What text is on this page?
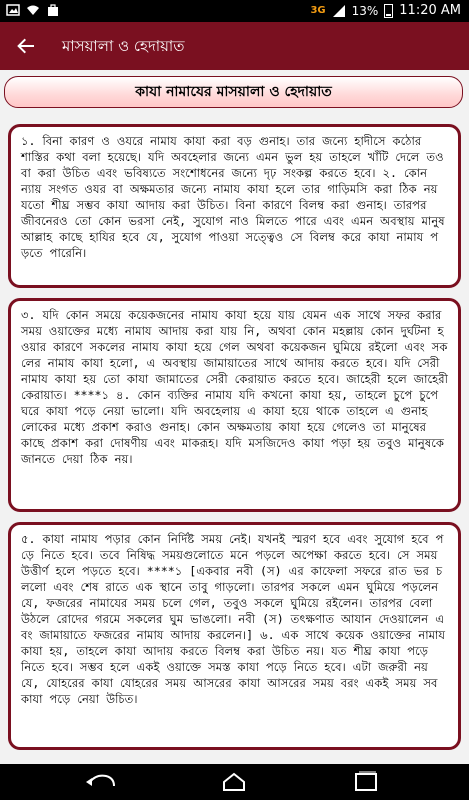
3G 13% 11:20 AM
মাসয়ালা ও হেদায়াত
কাযা নামাযের মাসয়ালা ও হেদায়াত
১. বিনা কারণ ও ওযরে নামায কাযা করা বড় গুনাহ। তার জন্যে হাদীসে কঠোর শাস্তির কথা বলা হয়েছে। যদি অবহেলার জন্যে এমন ভুল হয় তাহলে খাঁটি দেলে তওবা করা উচিত এবং ভবিষ্যতে সংশোধনের জন্যে দৃঢ় সংকল্প করতে হবে। ২. কোন ন্যায় সংগত ওযর বা অক্ষমতার জন্যে নামায কাযা হলে তার গাড়িমসি করা ঠিক নয় যতো শীঘ্র সম্ভব কাযা আদায় করা উচিত। বিনা কারণে বিলম্ব করা গুনাহ। তারপর জীবনেরও তো কোন ভরসা নেই, সুযোগ নাও মিলতে পারে এবং এমন অবস্থায় মানুষ আল্লাহ কাছে হাযির হবে যে, সুযোগ পাওয়া সত্ত্বেও সে বিলম্ব করে কাযা নামায পড়তে পারেনি।
৩. যদি কোন সময়ে কয়েকজনের নামায কাযা হয়ে যায় যেমন এক সাথে সফর করার সময় ওয়াক্তের মধ্যে নামায আদায় করা যায় নি, অথবা কোন মহল্লায় কোন দুর্ঘটনা হওয়ার কারণে সকলের নামায কাযা হয়ে গেল অথবা কয়েকজন ঘুমিয়ে রইলো এবং সকলের নামায কাযা হলো, এ অবস্থায় জামায়াতের সাথে আদায় করতে হবে। যদি সেরী নামায কাযা হয় তো কাযা জামাতের সেরী কেরায়াত করতে হবে। জাহেরী হলে জাহেরী কেরায়াত। ****১ ৪. কোন ব্যক্তির নামায যদি কখনো কাযা হয়, তাহলে চুপে চুপে ঘরে কাযা পড়ে নেয়া ভালো। যদি অবহেলায় এ কাযা হয়ে থাকে তাহলে এ গুনাহ লোকের মধ্যে প্রকাশ করাও গুনাহ। কোন অক্ষমতায় কাযা হয়ে গেলেও তা মানুষের কাছে প্রকাশ করা দোষণীয় এবং মাকরূহ। যদি মসজিদেও কাযা পড়া হয় তবুও মানুষকে জানতে দেয়া ঠিক নয়।
৫. কাযা নামায পড়ার কোন নির্দিষ্ট সময় নেই। যখনই স্মরণ হবে এবং সুযোগ হবে পড়ে নিতে হবে। তবে নিষিদ্ধ সময়গুলোতে মনে পড়লে অপেক্ষা করতে হবে। সে সময় উত্তীর্ণ হলে পড়তে হবে। ****১ [একবার নবী (স) এর কাফেলা সফরে রাত ভর চললো এবং শেষ রাতে এক স্থানে তাবু গাড়লো। তারপর সকলে এমন ঘুমিয়ে পড়লেন যে, ফজরের নামাযের সময় চলে গেল, তবুও সকলে ঘুমিয়ে রইলেন। তারপর বেলা উঠলে রোদের গরমে সকলের ঘুম ভাঙলো। নবী (স) তৎক্ষণাত আযান দেওয়ালেন এবং জামায়াতে ফজরের নামায আদায় করলেন।] ৬. এক সাথে কয়েক ওয়াক্তের নামায কাযা হয়, তাহলে কাযা আদায় করতে বিলম্ব করা উচিত নয়। যত শীঘ্র কাযা পড়ে নিতে হবে। সম্ভব হলে একই ওয়াক্তে সমস্ত কাযা পড়ে নিতে হবে। এটা জরুরী নয় যে, যোহরের কাযা যোহরের সময় আসরের কাযা আসরের সময় বরং একই সময় সব কাযা পড়ে নেয়া উচিত।
